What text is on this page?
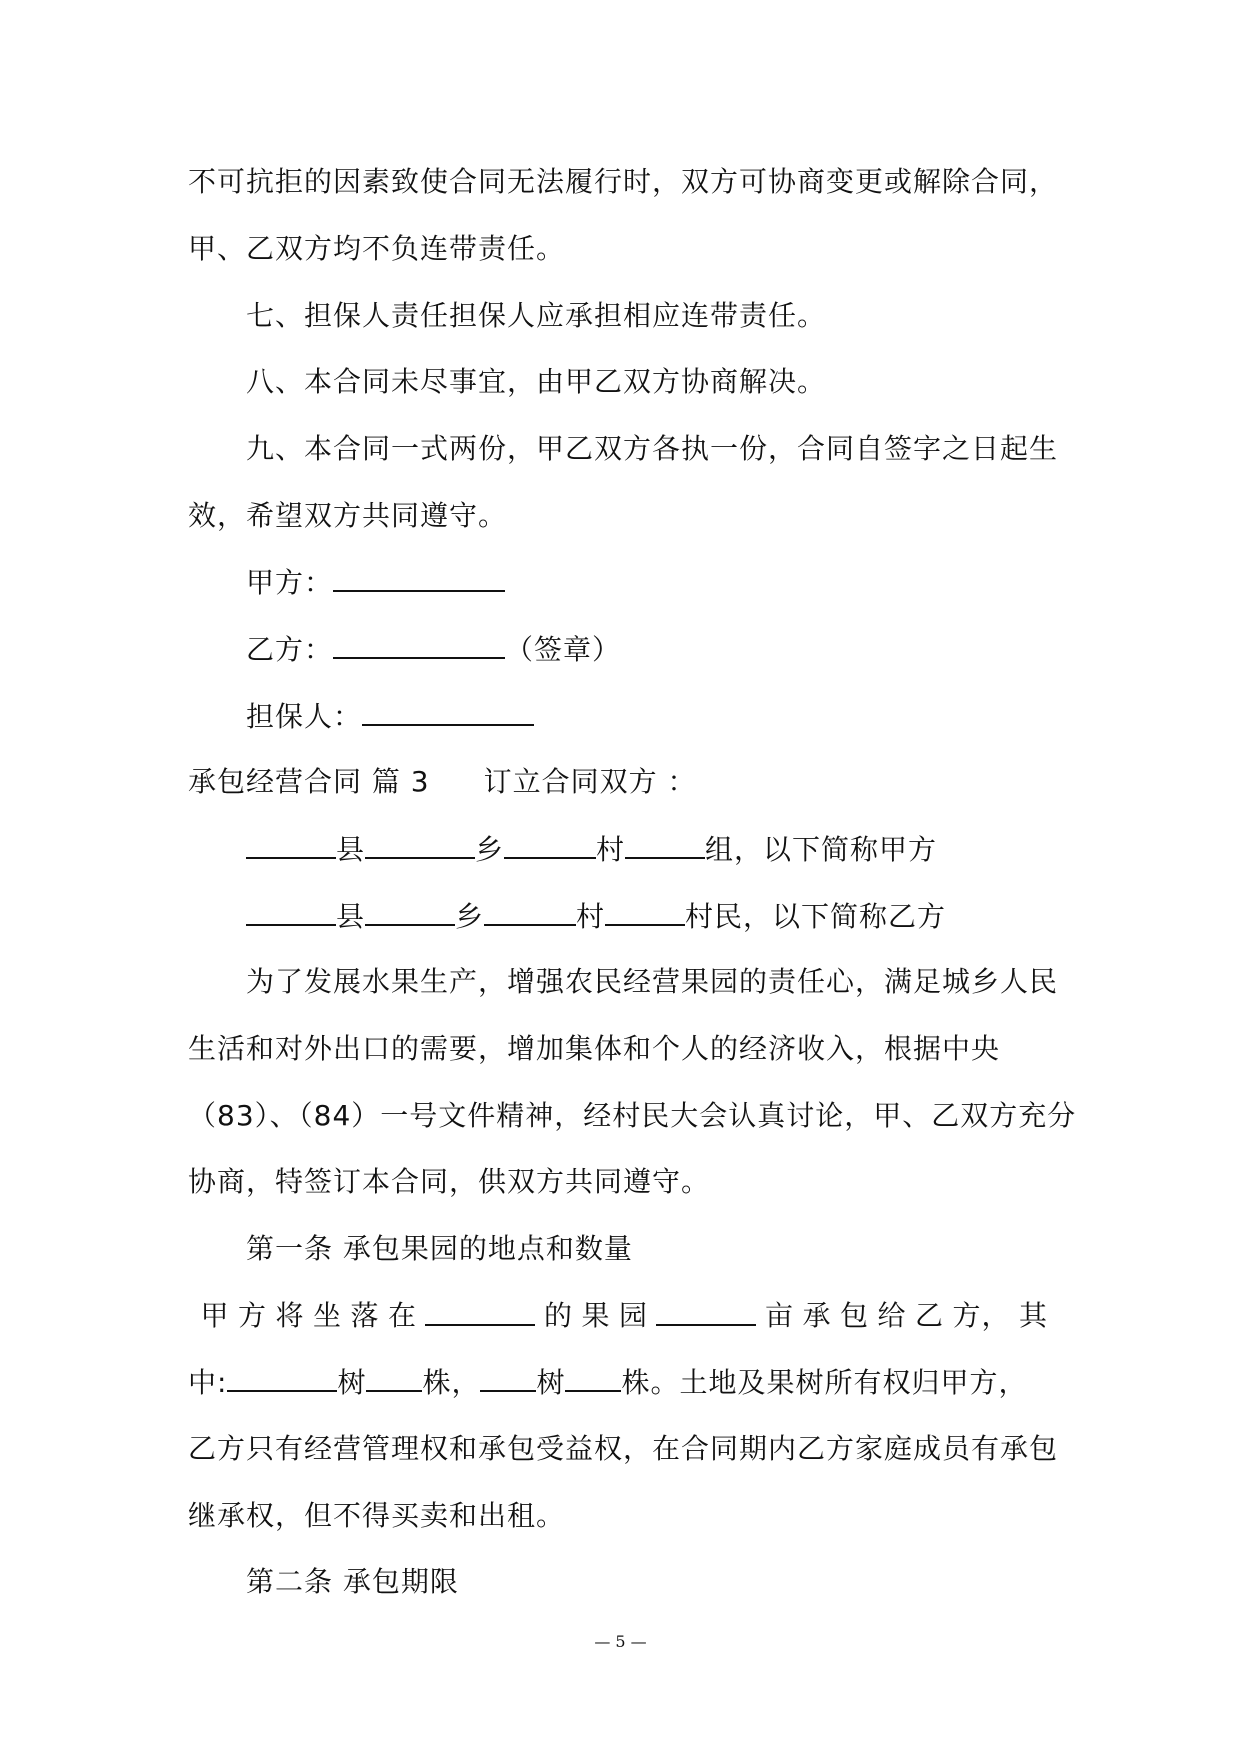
不可抗拒的因素致使合同无法履行时，双方可协商变更或解除合同，
甲、乙双方均不负连带责任。
七、担保人责任担保人应承担相应连带责任。
八、本合同未尽事宜，由甲乙双方协商解决。
九、本合同一式两份，甲乙双方各执一份，合同自签字之日起生
效，希望双方共同遵守。
甲方：
乙方：	（签章）
担保人：
承包经营合同 篇 3 订立合同双方 ：
县	乡	村	组，以下简称甲方
县	乡	村	村民，以下简称乙方
为了发展水果生产，增强农民经营果园的责任心，满足城乡人民
生活和对外出口的需要，增加集体和个人的经济收入，根据中央
（83）、（84）一号文件精神，经村民大会认真讨论，甲、乙双方充分
协商，特签订本合同，供双方共同遵守。
第一条 承包果园的地点和数量
甲 方 将 坐 落 在	的 果 园	亩 承 包 给 乙 方， 其
中:	树 株， 树 株。土地及果树所有权归甲方，
乙方只有经营管理权和承包受益权，在合同期内乙方家庭成员有承包
继承权，但不得买卖和出租。
第二条 承包期限
— 5 —
